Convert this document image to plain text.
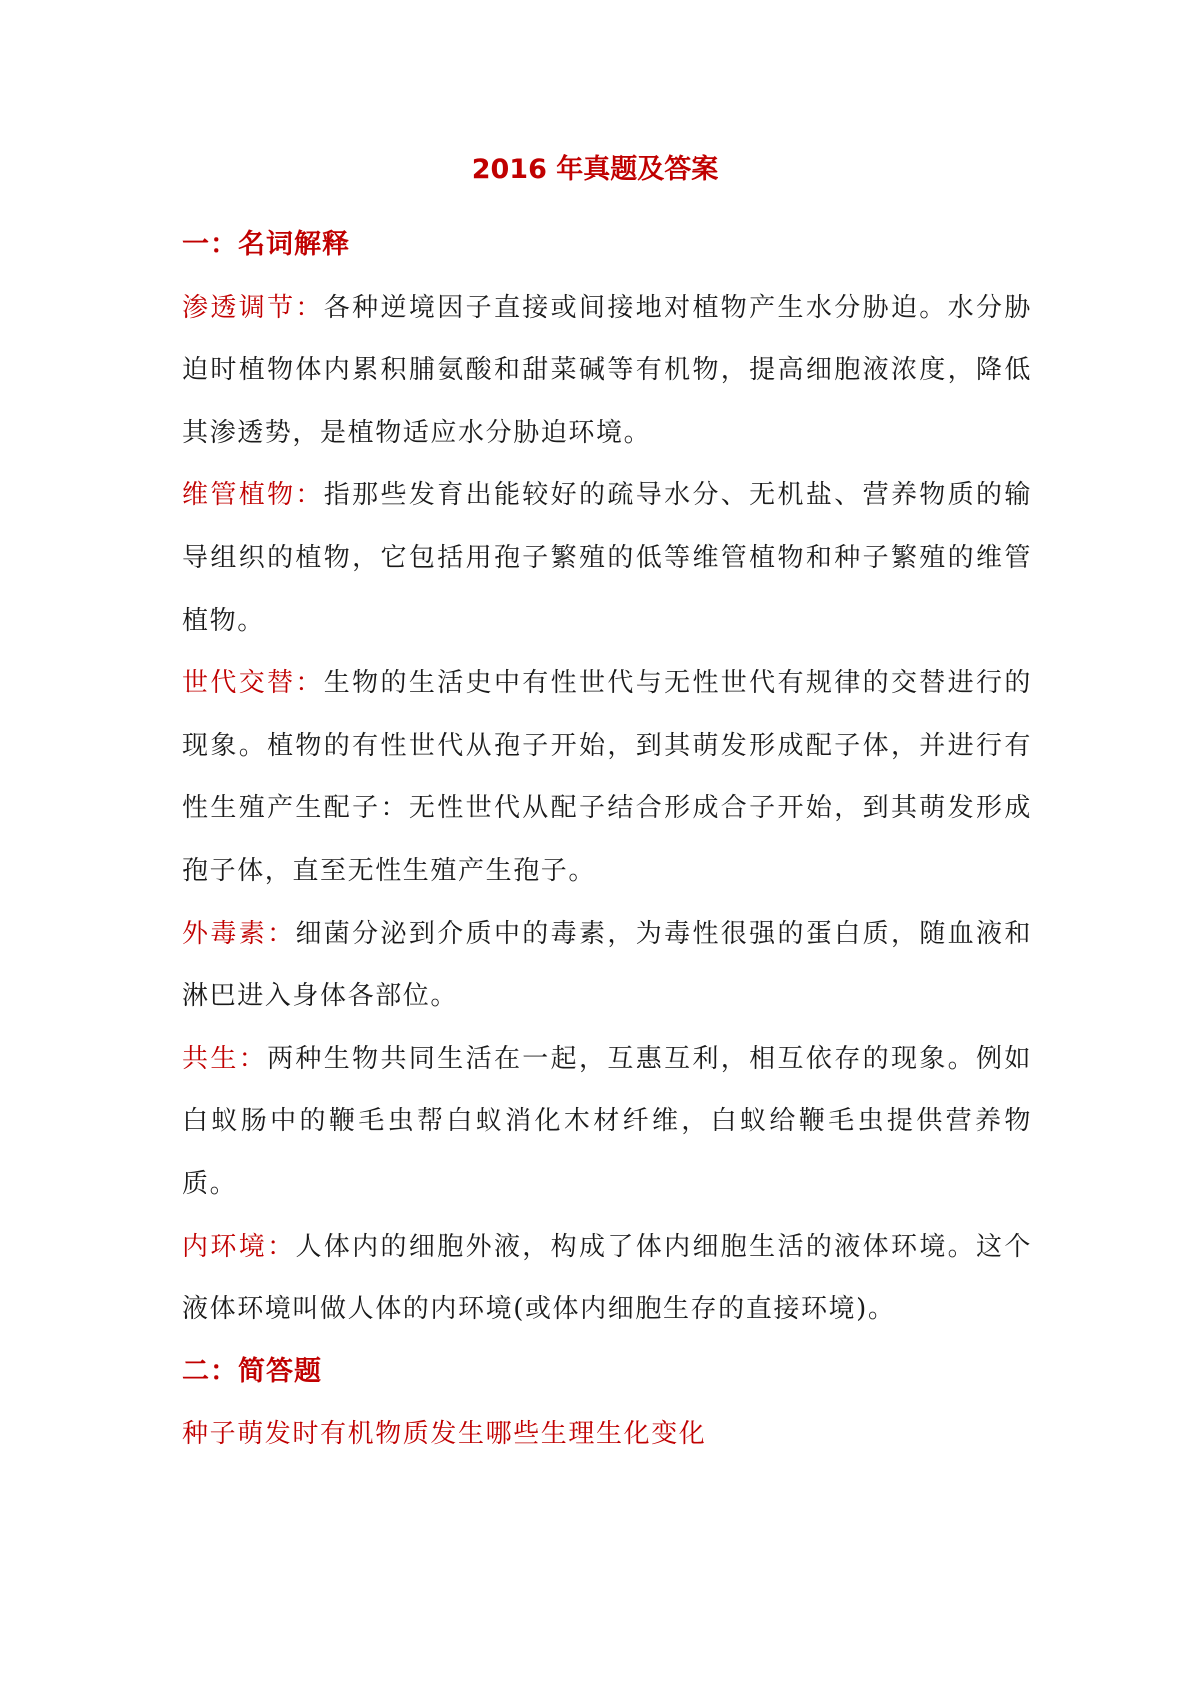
2016 年真题及答案

一：名词解释

渗透调节：各种逆境因子直接或间接地对植物产生水分胁迫。水分胁迫时植物体内累积脯氨酸和甜菜碱等有机物，提高细胞液浓度，降低其渗透势，是植物适应水分胁迫环境。

维管植物：指那些发育出能较好的疏导水分、无机盐、营养物质的输导组织的植物，它包括用孢子繁殖的低等维管植物和种子繁殖的维管植物。

世代交替：生物的生活史中有性世代与无性世代有规律的交替进行的现象。植物的有性世代从孢子开始，到其萌发形成配子体，并进行有性生殖产生配子：无性世代从配子结合形成合子开始，到其萌发形成孢子体，直至无性生殖产生孢子。

外毒素：细菌分泌到介质中的毒素，为毒性很强的蛋白质，随血液和淋巴进入身体各部位。

共生：两种生物共同生活在一起，互惠互利，相互依存的现象。例如白蚁肠中的鞭毛虫帮白蚁消化木材纤维，白蚁给鞭毛虫提供营养物质。

内环境：人体内的细胞外液，构成了体内细胞生活的液体环境。这个液体环境叫做人体的内环境(或体内细胞生存的直接环境)。

二：简答题

种子萌发时有机物质发生哪些生理生化变化
